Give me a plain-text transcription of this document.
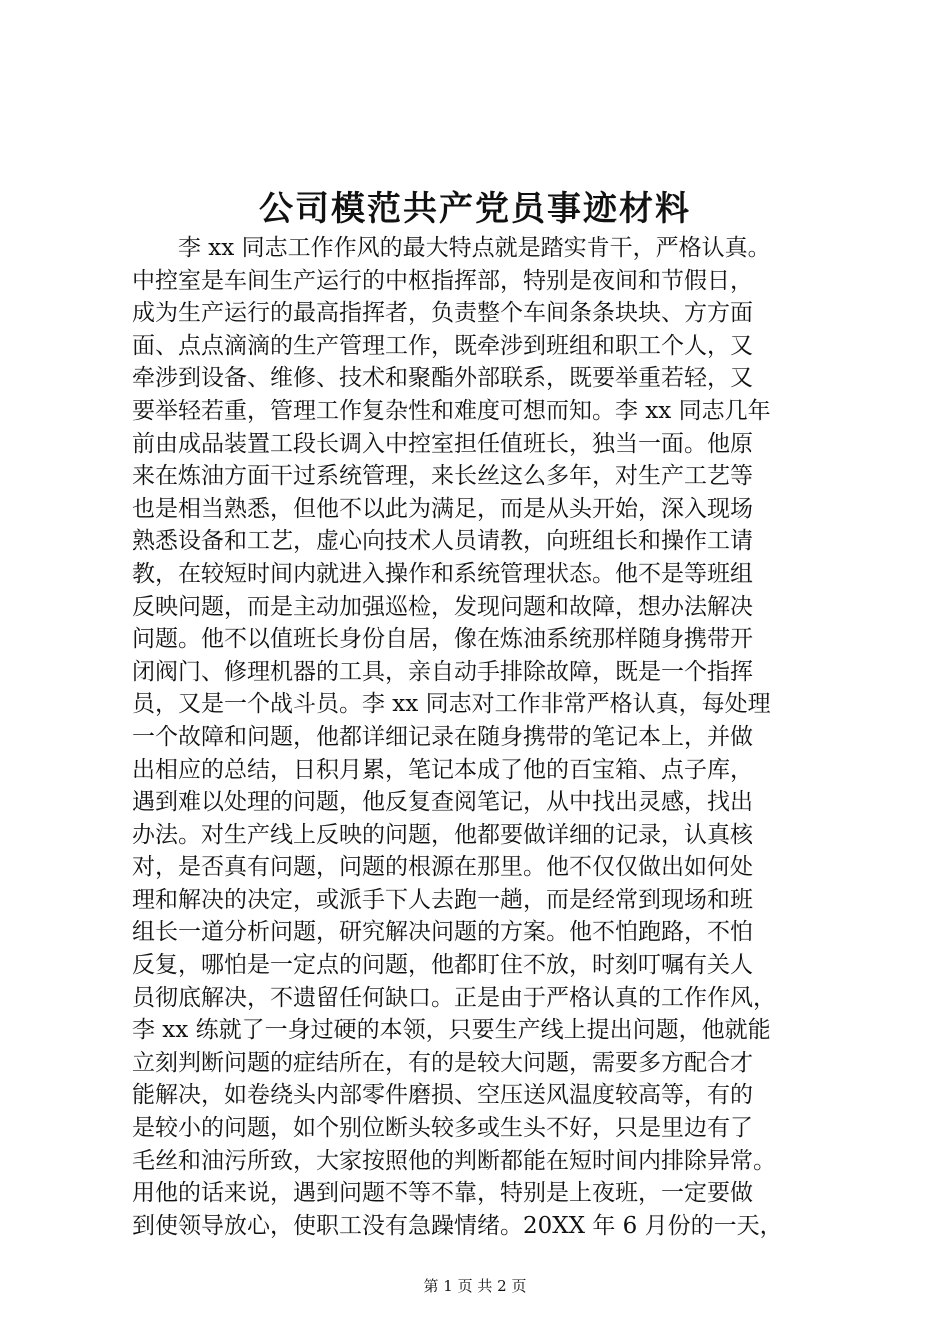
公司模范共产党员事迹材料
李 xx 同志工作作风的最大特点就是踏实肯干，严格认真。
中控室是车间生产运行的中枢指挥部，特别是夜间和节假日，
成为生产运行的最高指挥者，负责整个车间条条块块、方方面
面、点点滴滴的生产管理工作，既牵涉到班组和职工个人，又
牵涉到设备、维修、技术和聚酯外部联系，既要举重若轻，又
要举轻若重，管理工作复杂性和难度可想而知。李 xx 同志几年
前由成品装置工段长调入中控室担任值班长，独当一面。他原
来在炼油方面干过系统管理，来长丝这么多年，对生产工艺等
也是相当熟悉，但他不以此为满足，而是从头开始，深入现场
熟悉设备和工艺，虚心向技术人员请教，向班组长和操作工请
教，在较短时间内就进入操作和系统管理状态。他不是等班组
反映问题，而是主动加强巡检，发现问题和故障，想办法解决
问题。他不以值班长身份自居，像在炼油系统那样随身携带开
闭阀门、修理机器的工具，亲自动手排除故障，既是一个指挥
员，又是一个战斗员。李 xx 同志对工作非常严格认真，每处理
一个故障和问题，他都详细记录在随身携带的笔记本上，并做
出相应的总结，日积月累，笔记本成了他的百宝箱、点子库，
遇到难以处理的问题，他反复查阅笔记，从中找出灵感，找出
办法。对生产线上反映的问题，他都要做详细的记录，认真核
对，是否真有问题，问题的根源在那里。他不仅仅做出如何处
理和解决的决定，或派手下人去跑一趟，而是经常到现场和班
组长一道分析问题，研究解决问题的方案。他不怕跑路，不怕
反复，哪怕是一定点的问题，他都盯住不放，时刻叮嘱有关人
员彻底解决，不遗留任何缺口。正是由于严格认真的工作作风，
李 xx 练就了一身过硬的本领，只要生产线上提出问题，他就能
立刻判断问题的症结所在，有的是较大问题，需要多方配合才
能解决，如卷绕头内部零件磨损、空压送风温度较高等，有的
是较小的问题，如个别位断头较多或生头不好，只是里边有了
毛丝和油污所致，大家按照他的判断都能在短时间内排除异常。
用他的话来说，遇到问题不等不靠，特别是上夜班，一定要做
到使领导放心，使职工没有急躁情绪。20XX 年 6 月份的一天，
第 1 页 共 2 页
